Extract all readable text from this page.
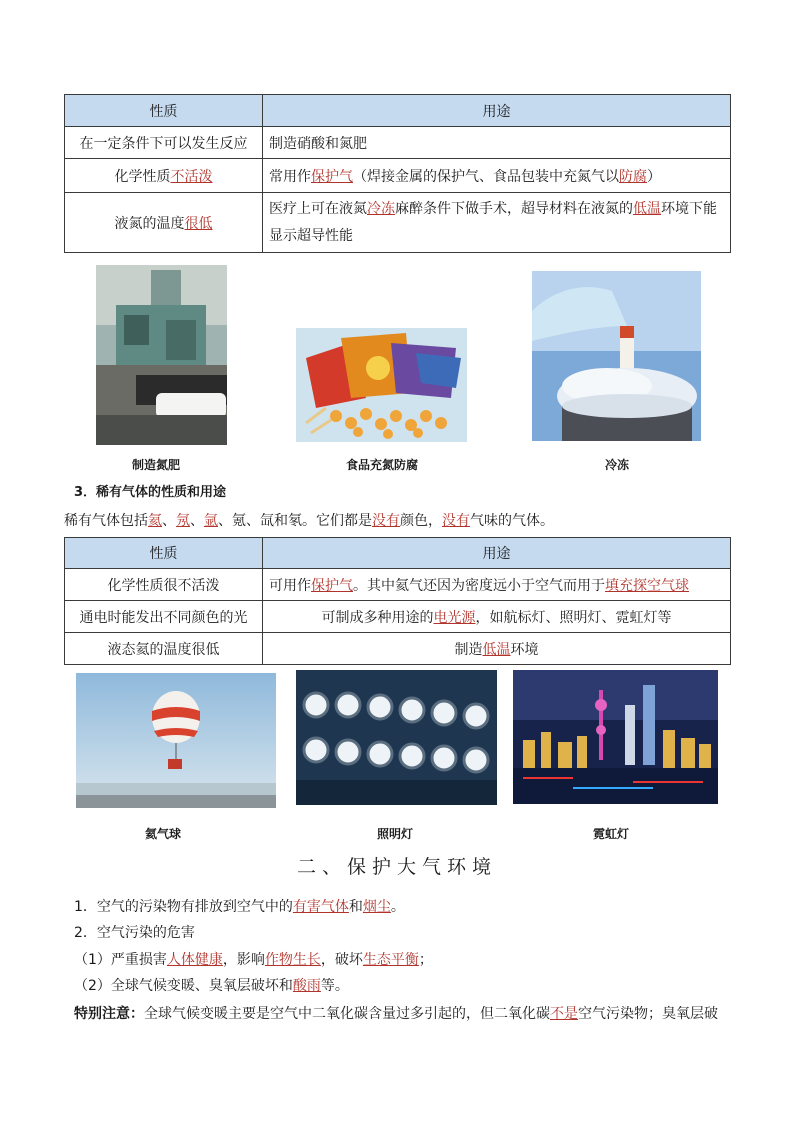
性质	用途
在一定条件下可以发生反应	制造硝酸和氮肥
化学性质不活泼	常用作保护气（焊接金属的保护气、食品包装中充氮气以防腐）
液氮的温度很低	医疗上可在液氮冷冻麻醉条件下做手术，超导材料在液氮的低温环境下能显示超导性能
制造氮肥	食品充氮防腐	冷冻
3．稀有气体的性质和用途
稀有气体包括氦、氖、氩、氪、氙和氡。它们都是没有颜色，没有气味的气体。
性质	用途
化学性质很不活泼	可用作保护气。其中氦气还因为密度远小于空气而用于填充探空气球
通电时能发出不同颜色的光	可制成多种用途的电光源，如航标灯、照明灯、霓虹灯等
液态氦的温度很低	制造低温环境
氦气球	照明灯	霓虹灯
二、保护大气环境
1．空气的污染物有排放到空气中的有害气体和烟尘。
2．空气污染的危害
（1）严重损害人体健康，影响作物生长，破坏生态平衡；
（2）全球气候变暖、臭氧层破坏和酸雨等。
特别注意：全球气候变暖主要是空气中二氧化碳含量过多引起的，但二氧化碳不是空气污染物；臭氧层破
